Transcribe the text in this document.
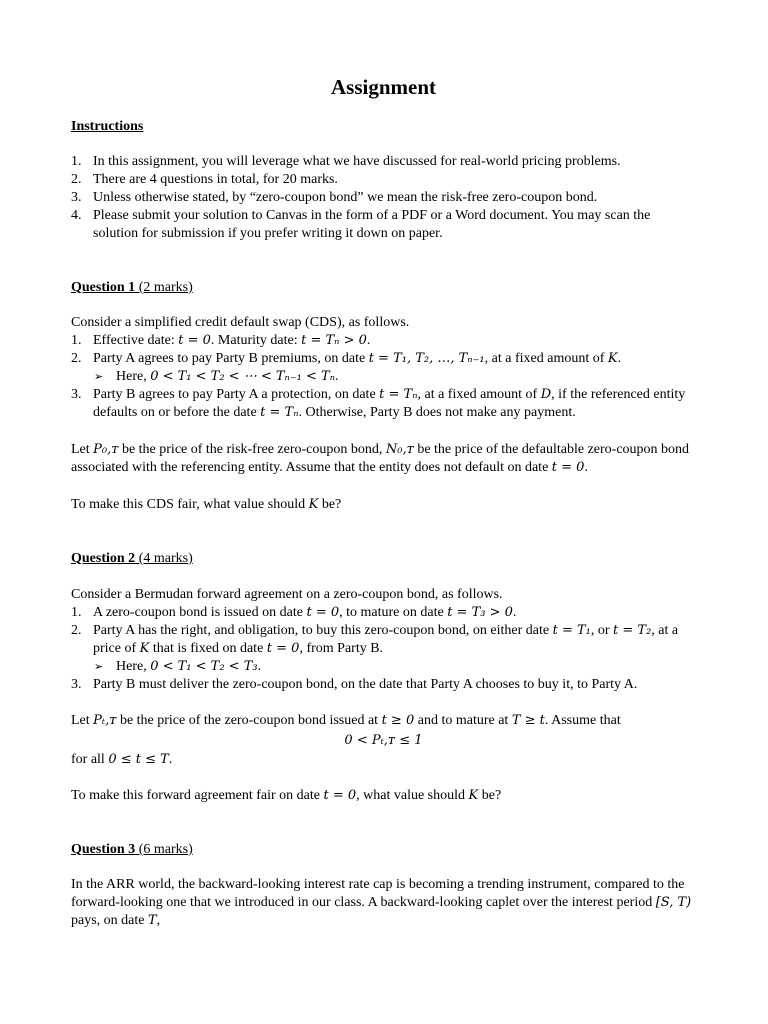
Assignment
Instructions
1. In this assignment, you will leverage what we have discussed for real-world pricing problems.
2. There are 4 questions in total, for 20 marks.
3. Unless otherwise stated, by “zero-coupon bond” we mean the risk-free zero-coupon bond.
4. Please submit your solution to Canvas in the form of a PDF or a Word document. You may scan the solution for submission if you prefer writing it down on paper.
Question 1 (2 marks)

Consider a simplified credit default swap (CDS), as follows.

1. Effective date: t = 0. Maturity date: t = Tₙ > 0.
2. Party A agrees to pay Party B premiums, on date t = T₁, T₂, …, Tₙ₋₁, at a fixed amount of K.
➢ Here, 0 < T₁ < T₂ < ⋯ < Tₙ₋₁ < Tₙ.
3. Party B agrees to pay Party A a protection, on date t = Tₙ, at a fixed amount of D, if the referenced entity defaults on or before the date t = Tₙ. Otherwise, Party B does not make any payment.

Let P₀,ᴛ be the price of the risk-free zero-coupon bond, N₀,ᴛ be the price of the defaultable zero-coupon bond associated with the referencing entity. Assume that the entity does not default on date t = 0.

To make this CDS fair, what value should K be?

Question 2 (4 marks)

Consider a Bermudan forward agreement on a zero-coupon bond, as follows.

1. A zero-coupon bond is issued on date t = 0, to mature on date t = T₃ > 0.
2. Party A has the right, and obligation, to buy this zero-coupon bond, on either date t = T₁, or t = T₂, at a price of K that is fixed on date t = 0, from Party B.
➢ Here, 0 < T₁ < T₂ < T₃.
3. Party B must deliver the zero-coupon bond, on the date that Party A chooses to buy it, to Party A.

Let Pₜ,ᴛ be the price of the zero-coupon bond issued at t ≥ 0 and to mature at T ≥ t. Assume that

0 < Pₜ,ᴛ ≤ 1

for all 0 ≤ t ≤ T.

To make this forward agreement fair on date t = 0, what value should K be?

Question 3 (6 marks)

In the ARR world, the backward-looking interest rate cap is becoming a trending instrument, compared to the forward-looking one that we introduced in our class. A backward-looking caplet over the interest period [S, T) pays, on date T,
